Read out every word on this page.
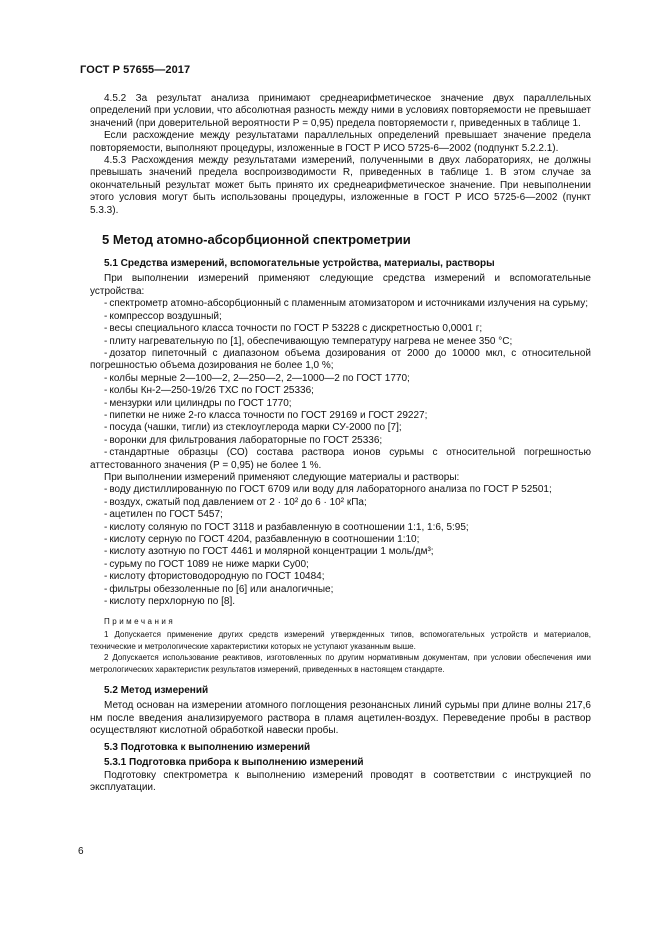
ГОСТ Р 57655—2017

4.5.2 За результат анализа принимают среднеарифметическое значение двух параллельных определений при условии, что абсолютная разность между ними в условиях повторяемости не превышает значений (при доверительной вероятности Р = 0,95) предела повторяемости r, приведенных в таблице 1.

Если расхождение между результатами параллельных определений превышает значение предела повторяемости, выполняют процедуры, изложенные в ГОСТ Р ИСО 5725-6—2002 (подпункт 5.2.2.1).

4.5.3 Расхождения между результатами измерений, полученными в двух лабораториях, не должны превышать значений предела воспроизводимости R, приведенных в таблице 1. В этом случае за окончательный результат может быть принято их среднеарифметическое значение. При невыполнении этого условия могут быть использованы процедуры, изложенные в ГОСТ Р ИСО 5725-6—2002 (пункт 5.3.3).

5 Метод атомно-абсорбционной спектрометрии
5.1 Средства измерений, вспомогательные устройства, материалы, растворы

При выполнении измерений применяют следующие средства измерений и вспомогательные устройства:

- спектрометр атомно-абсорбционный с пламенным атомизатором и источниками излучения на сурьму;

- компрессор воздушный;

- весы специального класса точности по ГОСТ Р 53228 с дискретностью 0,0001 г;

- плиту нагревательную по [1], обеспечивающую температуру нагрева не менее 350 °С;

- дозатор пипеточный с диапазоном объема дозирования от 2000 до 10000 мкл, с относительной погрешностью объема дозирования не более 1,0 %;

- колбы мерные 2—100—2, 2—250—2, 2—1000—2 по ГОСТ 1770;

- колбы Кн-2—250-19/26 ТХС по ГОСТ 25336;

- мензурки или цилиндры по ГОСТ 1770;

- пипетки не ниже 2-го класса точности по ГОСТ 29169 и ГОСТ 29227;

- посуда (чашки, тигли) из стеклоуглерода марки СУ-2000 по [7];

- воронки для фильтрования лабораторные по ГОСТ 25336;

- стандартные образцы (СО) состава раствора ионов сурьмы с относительной погрешностью аттестованного значения (Р = 0,95) не более 1 %.

При выполнении измерений применяют следующие материалы и растворы:

- воду дистиллированную по ГОСТ 6709 или воду для лабораторного анализа по ГОСТ Р 52501;

- воздух, сжатый под давлением от 2 · 10² до 6 · 10² кПа;

- ацетилен по ГОСТ 5457;

- кислоту соляную по ГОСТ 3118 и разбавленную в соотношении 1:1, 1:6, 5:95;

- кислоту серную по ГОСТ 4204, разбавленную в соотношении 1:10;

- кислоту азотную по ГОСТ 4461 и молярной концентрации 1 моль/дм³;

- сурьму по ГОСТ 1089 не ниже марки Су00;

- кислоту фтористоводородную по ГОСТ 10484;

- фильтры обеззоленные по [6] или аналогичные;

- кислоту перхлорную по [8].

Примечания

1 Допускается применение других средств измерений утвержденных типов, вспомогательных устройств и материалов, технические и метрологические характеристики которых не уступают указанным выше.

2 Допускается использование реактивов, изготовленных по другим нормативным документам, при условии обеспечения ими метрологических характеристик результатов измерений, приведенных в настоящем стандарте.

5.2 Метод измерений

Метод основан на измерении атомного поглощения резонансных линий сурьмы при длине волны 217,6 нм после введения анализируемого раствора в пламя ацетилен-воздух. Переведение пробы в раствор осуществляют кислотной обработкой навески пробы.

5.3 Подготовка к выполнению измерений
5.3.1 Подготовка прибора к выполнению измерений

Подготовку спектрометра к выполнению измерений проводят в соответствии с инструкцией по эксплуатации.

6
